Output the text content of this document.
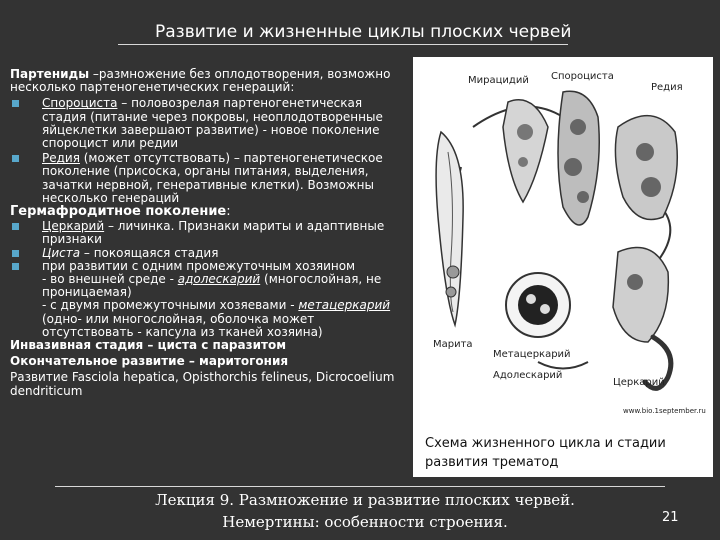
Развитие и жизненные циклы плоских червей

Партениды –размножение без оплодотворения, возможно несколько партеногенетических генераций:

Спороциста – половозрелая партеногенетическая стадия (питание через покровы, неоплодотворенные яйцеклетки завершают развитие) - новое поколение спороцист или редии

Редия (может отсутствовать) – партеногенетическое поколение (присоска, органы питания, выделения, зачатки нервной, генеративные клетки). Возможны несколько генераций

Гермафродитное поколение:

Церкарий – личинка. Признаки мариты и адаптивные признаки

Циста – покоящаяся стадия

при развитии с одним промежуточным хозяином
- во внешней среде - адолескарий (многослойная, не проницаемая)
- с двумя промежуточными хозяевами - метацеркарий (одно- или многослойная, оболочка может отсутствовать - капсула из тканей хозяина)

Инвазивная стадия – циста с паразитом

Окончательное развитие – маритогония

Развитие Fasciola hepatica, Opisthorchis felineus, Dicrocoelium dendriticum

Мирацидий Спороциста
Редия
Марита
Метацеркарий
Адолескарий
Церкарий
www.bio.1september.ru
Схема жизненного цикла и стадии
развития трематод
Лекция 9. Размножение и развитие плоских червей.
Немертины: особенности строения.	21
